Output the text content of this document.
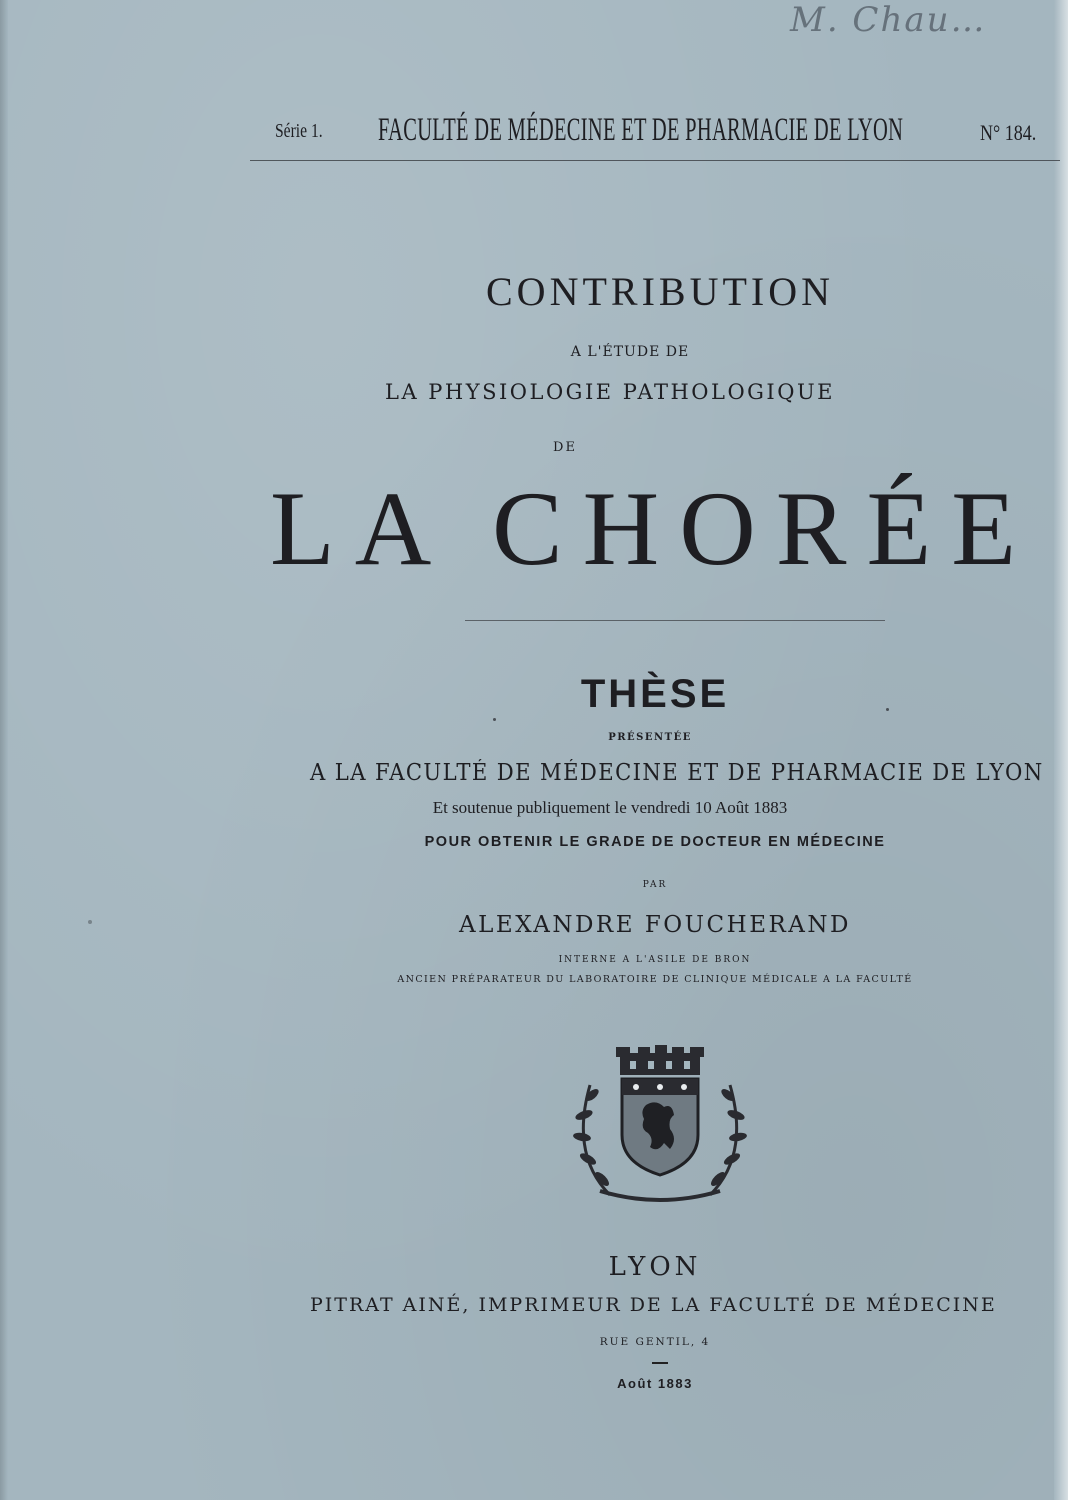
M. Chau…
Série 1. FACULTÉ DE MÉDECINE ET DE PHARMACIE DE LYON	N° 184.
CONTRIBUTION
A L'ÉTUDE DE
LA PHYSIOLOGIE PATHOLOGIQUE
DE
LA CHORÉE
THÈSE
PRÉSENTÉE
A LA FACULTÉ DE MÉDECINE ET DE PHARMACIE DE LYON
Et soutenue publiquement le vendredi 10 Août 1883
POUR OBTENIR LE GRADE DE DOCTEUR EN MÉDECINE
PAR
ALEXANDRE FOUCHERAND
INTERNE A L'ASILE DE BRON
ANCIEN PRÉPARATEUR DU LABORATOIRE DE CLINIQUE MÉDICALE A LA FACULTÉ
LYON
PITRAT AINÉ, IMPRIMEUR DE LA FACULTÉ DE MÉDECINE
RUE GENTIL, 4
Août 1883
